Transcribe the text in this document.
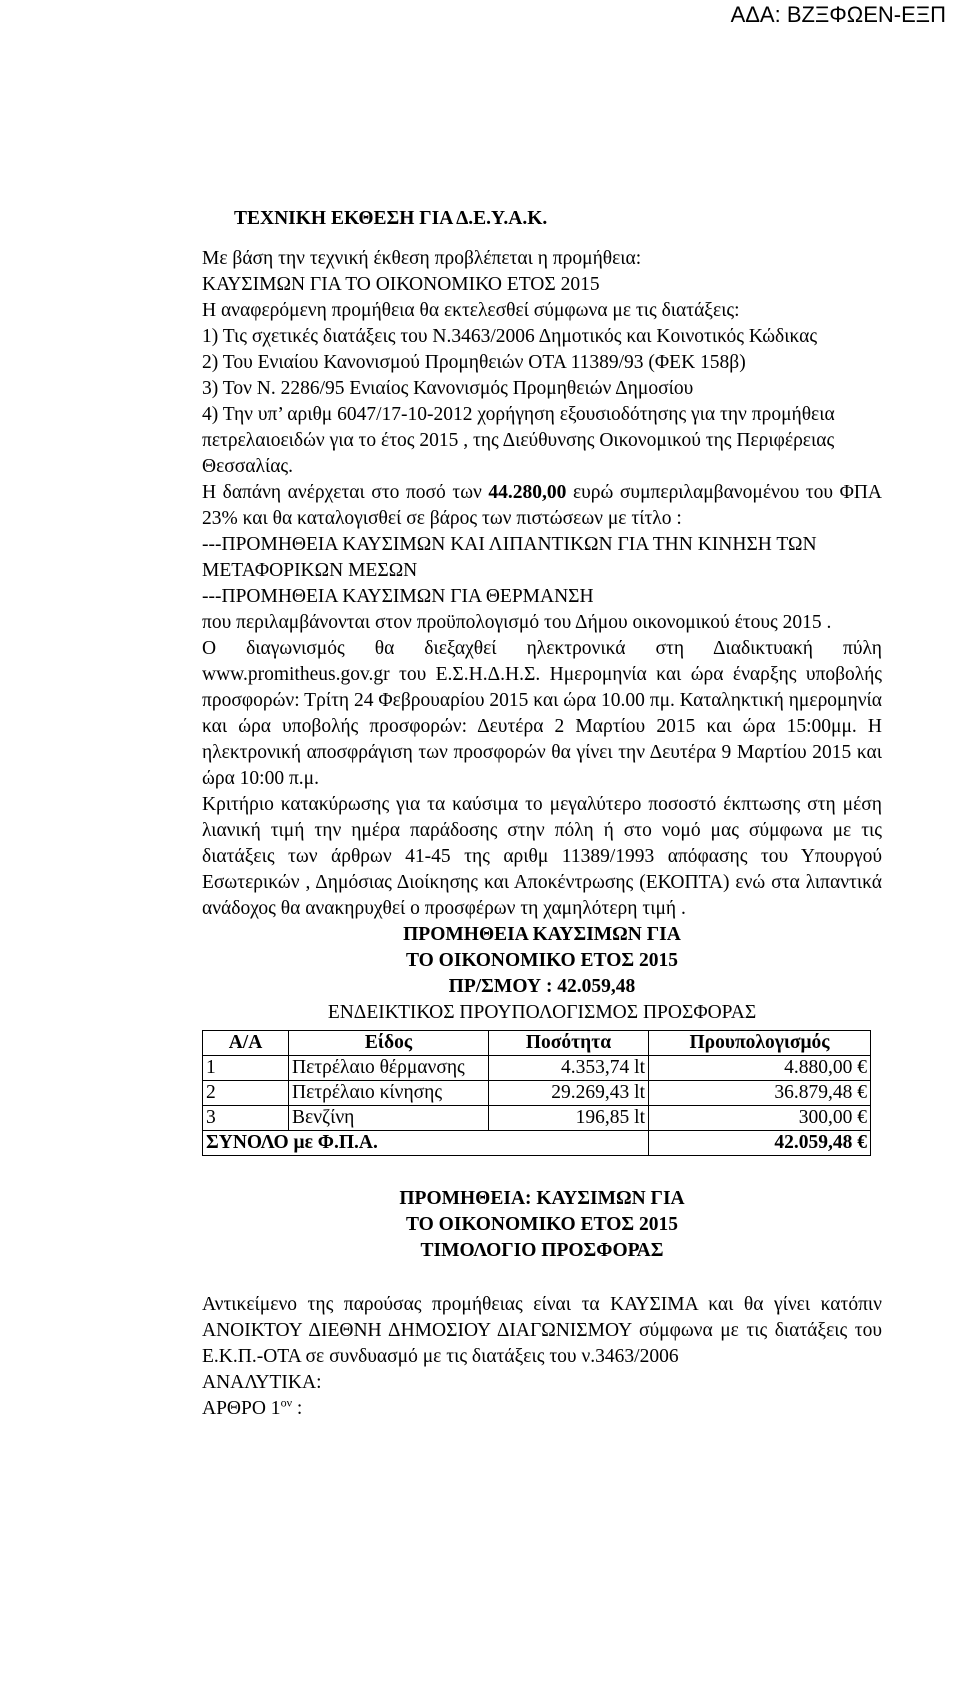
ΑΔΑ: ΒΖΞΦΩΕΝ-ΕΞΠ
ΤΕΧΝΙΚΗ ΕΚΘΕΣΗ ΓΙΑ Δ.Ε.Υ.Α.Κ.

Με βάση την τεχνική έκθεση προβλέπεται η προμήθεια:

ΚΑΥΣΙΜΩΝ ΓΙΑ ΤΟ ΟΙΚΟΝΟΜΙΚΟ ΕΤΟΣ 2015

Η αναφερόμενη προμήθεια θα εκτελεσθεί σύμφωνα με τις διατάξεις:

1) Τις σχετικές διατάξεις του Ν.3463/2006 Δημοτικός και Κοινοτικός Κώδικας

2) Του Ενιαίου Κανονισμού Προμηθειών ΟΤΑ 11389/93 (ΦΕΚ 158β)

3) Τον Ν. 2286/95 Ενιαίος Κανονισμός Προμηθειών Δημοσίου

4) Την υπ’ αριθμ 6047/17-10-2012 χορήγηση εξουσιοδότησης για την προμήθεια πετρελαιοειδών για το έτος 2015 , της Διεύθυνσης Οικονομικού της Περιφέρειας Θεσσαλίας.

Η δαπάνη ανέρχεται στο ποσό των 44.280,00 ευρώ συμπεριλαμβανομένου του ΦΠΑ 23% και θα καταλογισθεί σε βάρος των πιστώσεων με τίτλο :

---ΠΡΟΜΗΘΕΙΑ ΚΑΥΣΙΜΩΝ ΚΑΙ ΛΙΠΑΝΤΙΚΩΝ ΓΙΑ ΤΗΝ ΚΙΝΗΣΗ ΤΩΝ ΜΕΤΑΦΟΡΙΚΩΝ ΜΕΣΩΝ

---ΠΡΟΜΗΘΕΙΑ ΚΑΥΣΙΜΩΝ ΓΙΑ ΘΕΡΜΑΝΣΗ

που περιλαμβάνονται στον προϋπολογισμό του Δήμου οικονομικού έτους 2015 .

Ο διαγωνισμός θα διεξαχθεί ηλεκτρονικά στη Διαδικτυακή πύλη www.promitheus.gov.gr του Ε.Σ.Η.Δ.Η.Σ. Ημερομηνία και ώρα έναρξης υποβολής προσφορών: Τρίτη 24 Φεβρουαρίου 2015 και ώρα 10.00 πμ. Καταληκτική ημερομηνία και ώρα υποβολής προσφορών: Δευτέρα 2 Μαρτίου 2015 και ώρα 15:00μμ. Η ηλεκτρονική αποσφράγιση των προσφορών θα γίνει την Δευτέρα 9 Μαρτίου 2015 και ώρα 10:00 π.μ.

Κριτήριο κατακύρωσης για τα καύσιμα το μεγαλύτερο ποσοστό έκπτωσης στη μέση λιανική τιμή την ημέρα παράδοσης στην πόλη ή στο νομό μας σύμφωνα με τις διατάξεις των άρθρων 41-45 της αριθμ 11389/1993 απόφασης του Υπουργού Εσωτερικών , Δημόσιας Διοίκησης και Αποκέντρωσης (ΕΚΟΠΤΑ) ενώ στα λιπαντικά ανάδοχος θα ανακηρυχθεί ο προσφέρων τη χαμηλότερη τιμή .

ΠΡΟΜΗΘΕΙΑ ΚΑΥΣΙΜΩΝ ΓΙΑ
ΤΟ ΟΙΚΟΝΟΜΙΚΟ ΕΤΟΣ 2015
ΠΡ/ΣΜΟΥ : 42.059,48
ΕΝΔΕΙΚΤΙΚΟΣ ΠΡΟΥΠΟΛΟΓΙΣΜΟΣ ΠΡΟΣΦΟΡΑΣ
Α/Α	Είδος	Ποσότητα	Προυπολογισμός
1	Πετρέλαιο θέρμανσης	4.353,74 lt	4.880,00 €
2	Πετρέλαιο κίνησης	29.269,43 lt	36.879,48 €
3	Βενζίνη	196,85 lt	300,00 €
ΣΥΝΟΛΟ με Φ.Π.Α.			42.059,48 €
ΠΡΟΜΗΘΕΙΑ: ΚΑΥΣΙΜΩΝ ΓΙΑ
ΤΟ ΟΙΚΟΝΟΜΙΚΟ ΕΤΟΣ 2015
ΤΙΜΟΛΟΓΙΟ ΠΡΟΣΦΟΡΑΣ

Αντικείμενο της παρούσας προμήθειας είναι τα ΚΑΥΣΙΜΑ και θα γίνει κατόπιν ΑΝΟΙΚΤΟΥ ΔΙΕΘΝΗ ΔΗΜΟΣΙΟΥ ΔΙΑΓΩΝΙΣΜΟΥ σύμφωνα με τις διατάξεις του Ε.Κ.Π.-ΟΤΑ σε συνδυασμό με τις διατάξεις του ν.3463/2006

ΑΝΑΛΥΤΙΚΑ:

ΑΡΘΡΟ $1^{o\nu}$ :
